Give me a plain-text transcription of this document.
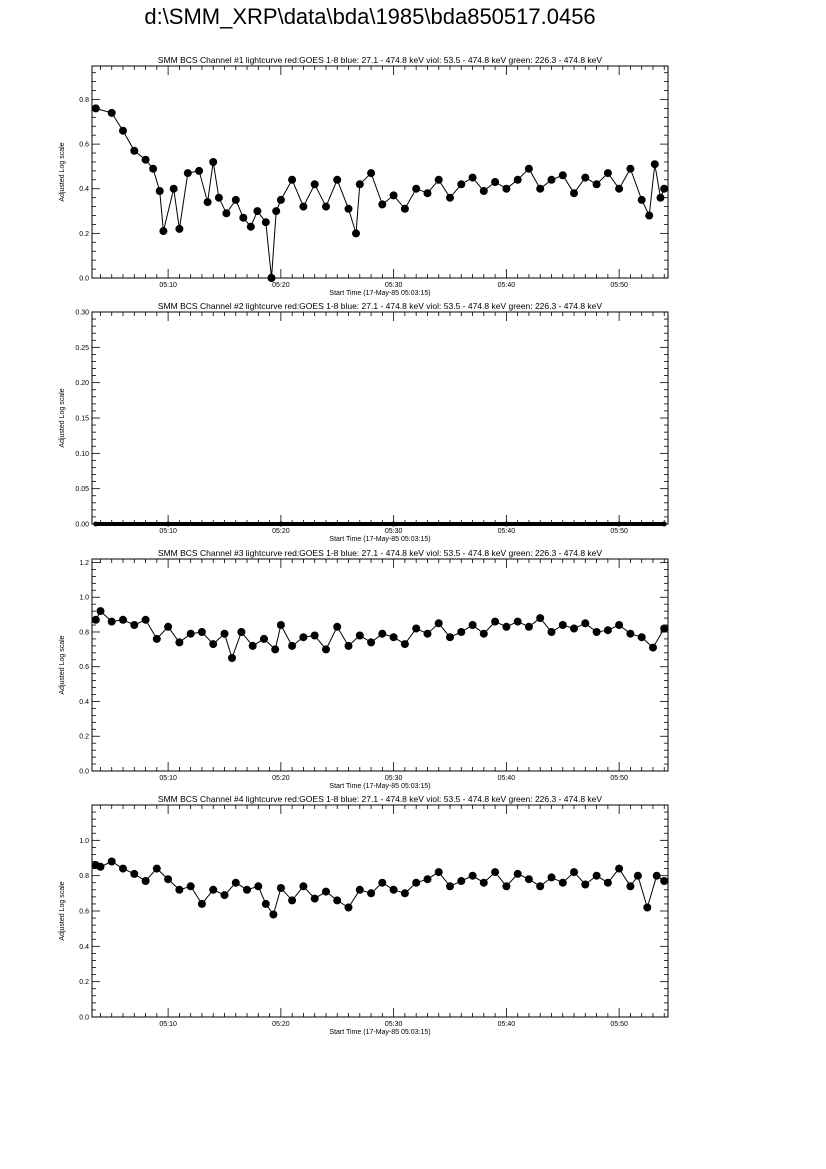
d:\SMM_XRP\data\bda\1985\bda850517.0456
SMM BCS Channel #1 lightcurve red:GOES 1-8 blue: 27.1 - 474.8 keV viol: 53.5 - 474.8 keV green: 226.3 - 474.8 keV
0.0
0.2
0.4
0.6
0.8
05:10	05:20	05:30	05:40	05:50
Start Time (17-May-85 05:03:15)
Adjusted Log scale
SMM BCS Channel #2 lightcurve red:GOES 1-8 blue: 27.1 - 474.8 keV viol: 53.5 - 474.8 keV green: 226.3 - 474.8 keV
0.00
0.05
0.10
0.15
0.20
0.25
0.30
05:10	05:20	05:30	05:40	05:50
Start Time (17-May-85 05:03:15)
Adjusted Log scale
SMM BCS Channel #3 lightcurve red:GOES 1-8 blue: 27.1 - 474.8 keV viol: 53.5 - 474.8 keV green: 226.3 - 474.8 keV
0.0
0.2
0.4
0.6
0.8
1.0
1.2
05:10	05:20	05:30	05:40	05:50
Start Time (17-May-85 05:03:15)
Adjusted Log scale
SMM BCS Channel #4 lightcurve red:GOES 1-8 blue: 27.1 - 474.8 keV viol: 53.5 - 474.8 keV green: 226.3 - 474.8 keV
0.0
0.2
0.4
0.6
0.8
1.0
05:10	05:20	05:30	05:40	05:50
Start Time (17-May-85 05:03:15)
Adjusted Log scale
